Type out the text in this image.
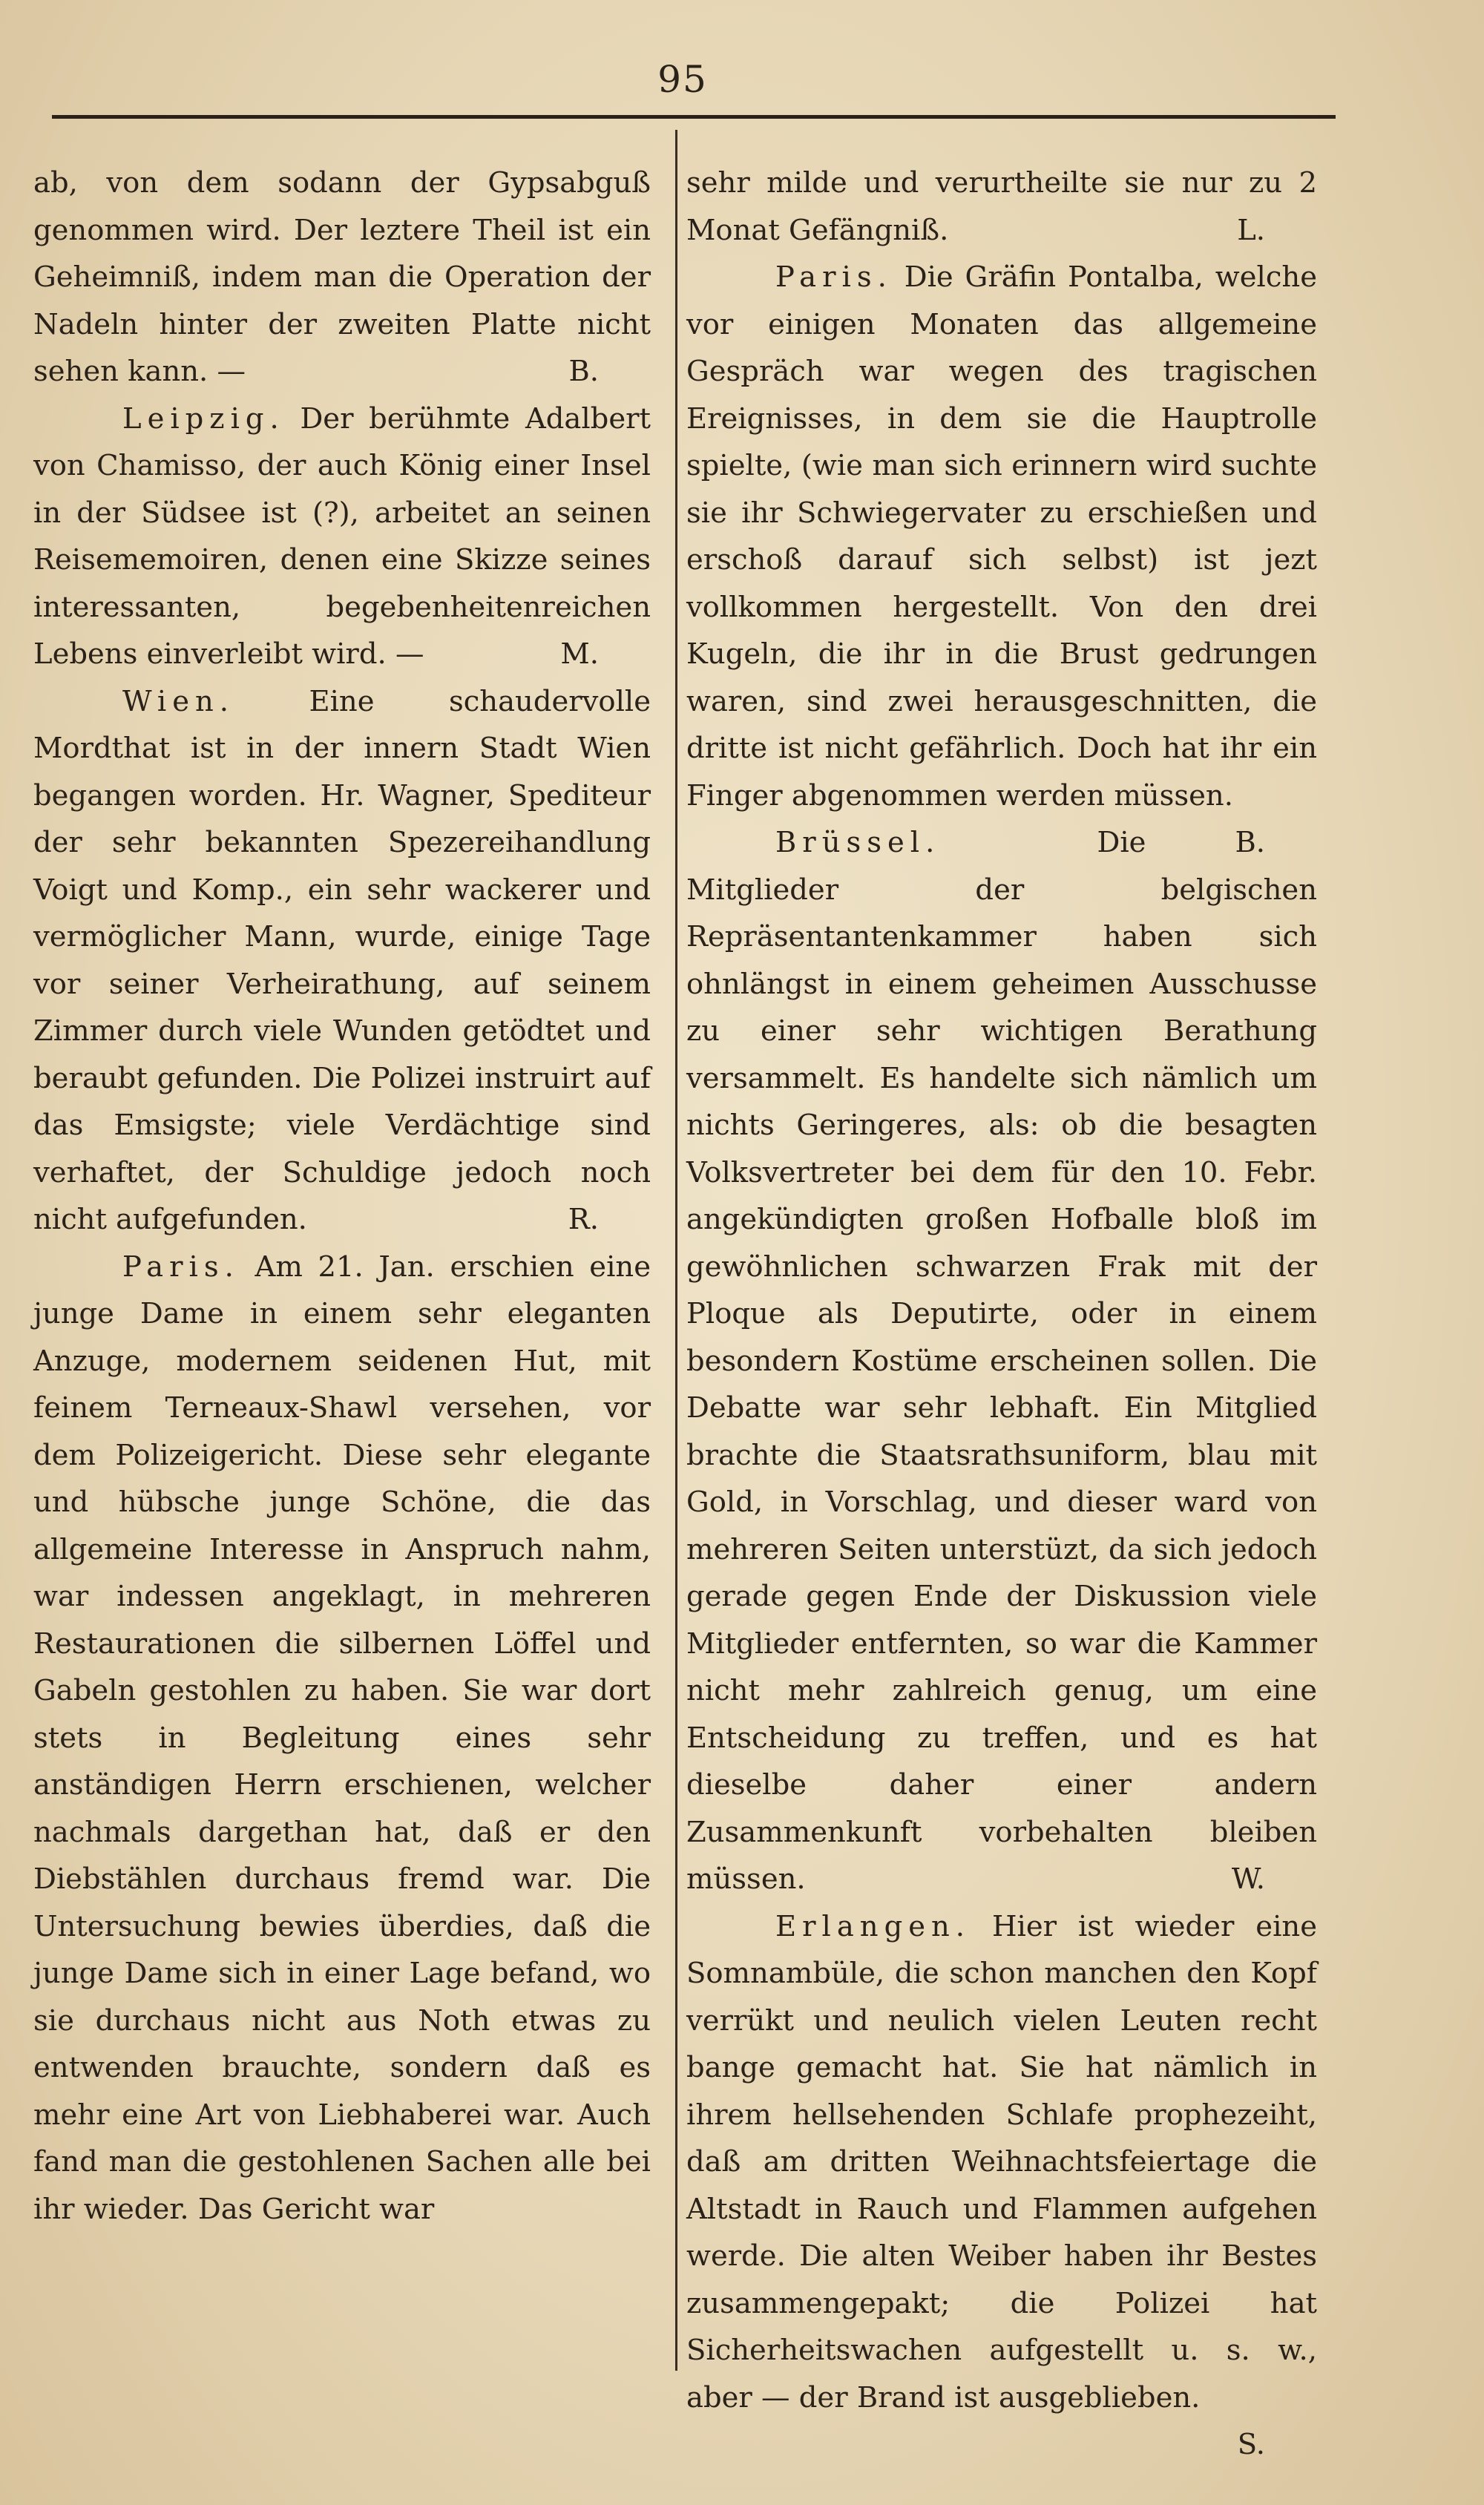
95

ab, von dem sodann der Gypsabguß genommen wird. Der leztere Theil ist ein Geheimniß, indem man die Operation der Nadeln hinter der zweiten Platte nicht sehen kann. —	B.

Leipzig. Der berühmte Adalbert von Chamisso, der auch König einer Insel in der Südsee ist (?), arbeitet an seinen Reisememoiren, denen eine Skizze seines interessanten, begebenheitenreichen Lebens einverleibt wird. —	M.

Wien.	Eine schaudervolle Mordthat ist in der innern Stadt Wien begangen worden. Hr. Wagner, Spediteur der sehr bekannten Spezereihandlung Voigt und Komp., ein sehr wackerer und vermöglicher Mann, wurde, einige Tage vor seiner Verheirathung, auf seinem Zimmer durch viele Wunden getödtet und beraubt gefunden. Die Polizei instruirt auf das Emsigste; viele Verdächtige sind verhaftet, der Schuldige jedoch noch nicht aufgefunden.	R.

Paris. Am 21. Jan. erschien eine junge Dame in einem sehr eleganten Anzuge, modernem seidenen Hut, mit feinem Terneaux-Shawl versehen, vor dem Polizeigericht. Diese sehr elegante und hübsche junge Schöne, die das allgemeine Interesse in Anspruch nahm, war indessen angeklagt, in mehreren Restaurationen die silbernen Löffel und Gabeln gestohlen zu haben. Sie war dort stets in Begleitung eines sehr anständigen Herrn erschienen, welcher nachmals dargethan hat, daß er den Diebstählen durchaus fremd war. Die Untersuchung bewies überdies, daß die junge Dame sich in einer Lage befand, wo sie durchaus nicht aus Noth etwas zu entwenden brauchte, sondern daß es mehr eine Art von Liebhaberei war. Auch fand man die gestohlenen Sachen alle bei ihr wieder. Das Gericht war

sehr milde und verurtheilte sie nur zu 2 Monat Gefängniß.	L.

Paris. Die Gräfin Pontalba, welche vor einigen Monaten das allgemeine Gespräch war wegen des tragischen Ereignisses, in dem sie die Hauptrolle spielte, (wie man sich erinnern wird suchte sie ihr Schwiegervater zu erschießen und erschoß darauf sich selbst) ist jezt vollkommen hergestellt. Von den drei Kugeln, die ihr in die Brust gedrungen waren, sind zwei herausgeschnitten, die dritte ist nicht gefährlich. Doch hat ihr ein Finger abgenommen werden müssen.
B.

Brüssel.	Die Mitglieder der belgischen Repräsentantenkammer haben sich ohnlängst in einem geheimen Ausschusse zu einer sehr wichtigen Berathung versammelt. Es handelte sich nämlich um nichts Geringeres, als: ob die besagten Volksvertreter bei dem für den 10. Febr. angekündigten großen Hofballe bloß im gewöhnlichen schwarzen Frak mit der Ploque als Deputirte, oder in einem besondern Kostüme erscheinen sollen. Die Debatte war sehr lebhaft. Ein Mitglied brachte die Staatsrathsuniform, blau mit Gold, in Vorschlag, und dieser ward von mehreren Seiten unterstüzt, da sich jedoch gerade gegen Ende der Diskussion viele Mitglieder entfernten, so war die Kammer nicht mehr zahlreich genug, um eine Entscheidung zu treffen, und es hat dieselbe daher einer andern Zusammenkunft vorbehalten bleiben müssen.	W.

Erlangen. Hier ist wieder eine Somnambüle, die schon manchen den Kopf verrükt und neulich vielen Leuten recht bange gemacht hat. Sie hat nämlich in ihrem hellsehenden Schlafe prophezeiht, daß am dritten Weihnachtsfeiertage die Altstadt in Rauch und Flammen aufgehen werde. Die alten Weiber haben ihr Bestes zusammengepakt; die Polizei hat Sicherheitswachen aufgestellt u. s. w., aber — der Brand ist ausgeblieben.
S.
